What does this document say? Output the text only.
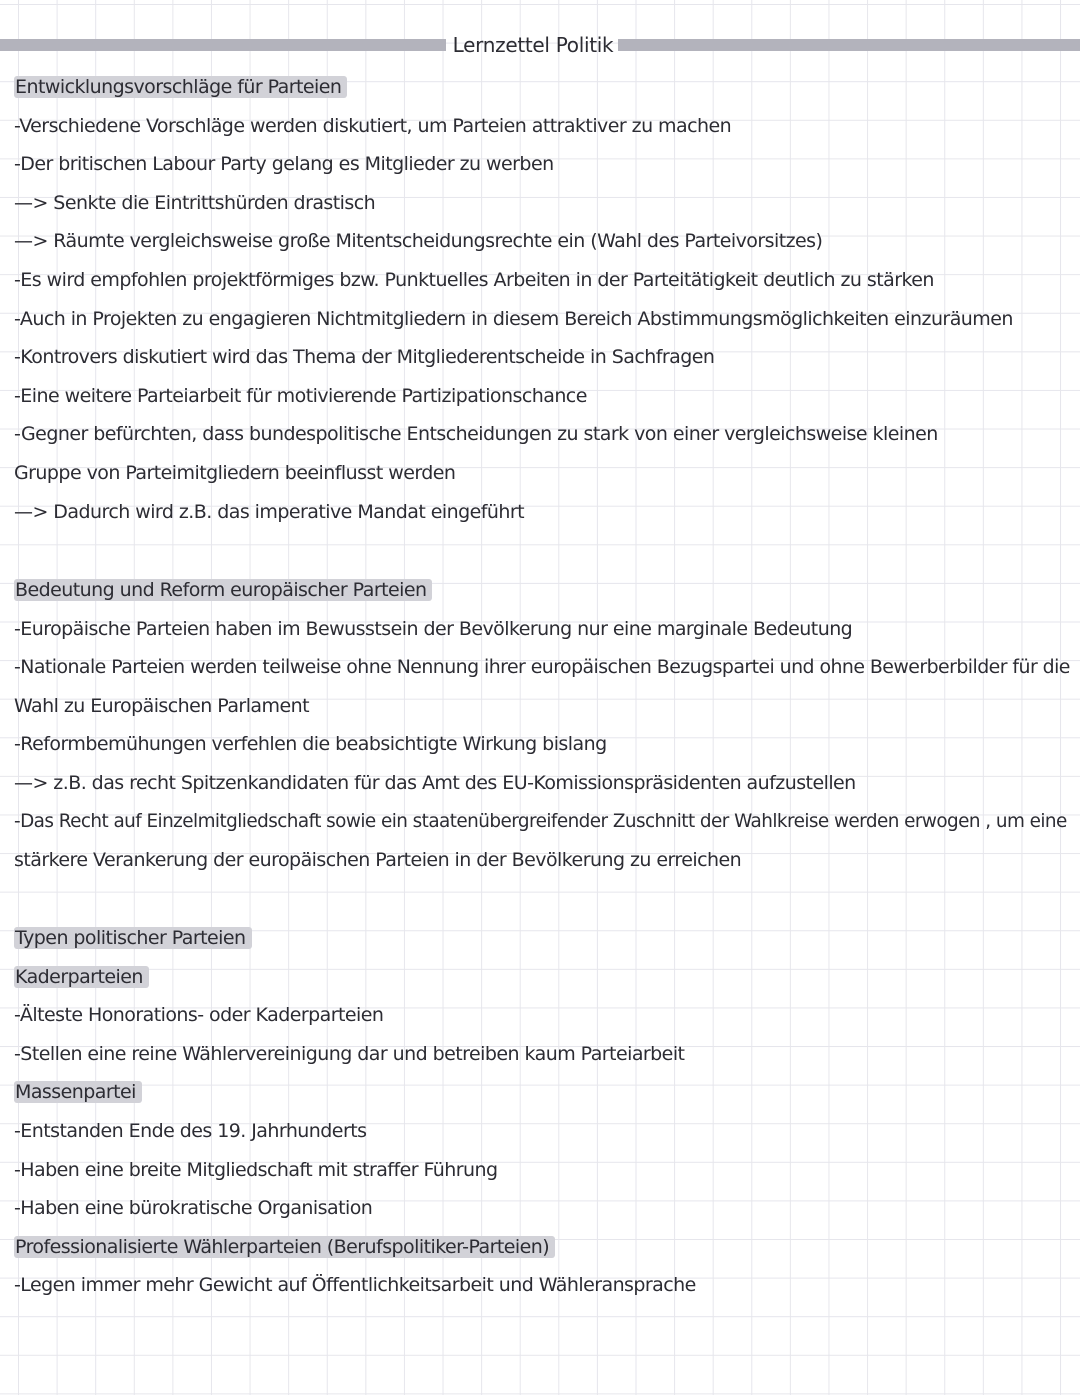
Lernzettel Politik
Entwicklungsvorschläge für Parteien
-Verschiedene Vorschläge werden diskutiert, um Parteien attraktiver zu machen
-Der britischen Labour Party gelang es Mitglieder zu werben
—> Senkte die Eintrittshürden drastisch
—> Räumte vergleichsweise große Mitentscheidungsrechte ein (Wahl des Parteivorsitzes)
-Es wird empfohlen projektförmiges bzw. Punktuelles Arbeiten in der Parteitätigkeit deutlich zu stärken
-Auch in Projekten zu engagieren Nichtmitgliedern in diesem Bereich Abstimmungsmöglichkeiten einzuräumen
-Kontrovers diskutiert wird das Thema der Mitgliederentscheide in Sachfragen
-Eine weitere Parteiarbeit für motivierende Partizipationschance
-Gegner befürchten, dass bundespolitische Entscheidungen zu stark von einer vergleichsweise kleinen
Gruppe von Parteimitgliedern beeinflusst werden
—> Dadurch wird z.B. das imperative Mandat eingeführt
Bedeutung und Reform europäischer Parteien
-Europäische Parteien haben im Bewusstsein der Bevölkerung nur eine marginale Bedeutung
-Nationale Parteien werden teilweise ohne Nennung ihrer europäischen Bezugspartei und ohne Bewerberbilder für die
Wahl zu Europäischen Parlament
-Reformbemühungen verfehlen die beabsichtigte Wirkung bislang
—> z.B. das recht Spitzenkandidaten für das Amt des EU-Komissionspräsidenten aufzustellen
-Das Recht auf Einzelmitgliedschaft sowie ein staatenübergreifender Zuschnitt der Wahlkreise werden erwogen , um eine
stärkere Verankerung der europäischen Parteien in der Bevölkerung zu erreichen
Typen politischer Parteien
Kaderparteien
-Älteste Honorations- oder Kaderparteien
-Stellen eine reine Wählervereinigung dar und betreiben kaum Parteiarbeit
Massenpartei
-Entstanden Ende des 19. Jahrhunderts
-Haben eine breite Mitgliedschaft mit straffer Führung
-Haben eine bürokratische Organisation
Professionalisierte Wählerparteien (Berufspolitiker-Parteien)
-Legen immer mehr Gewicht auf Öffentlichkeitsarbeit und Wähleransprache
